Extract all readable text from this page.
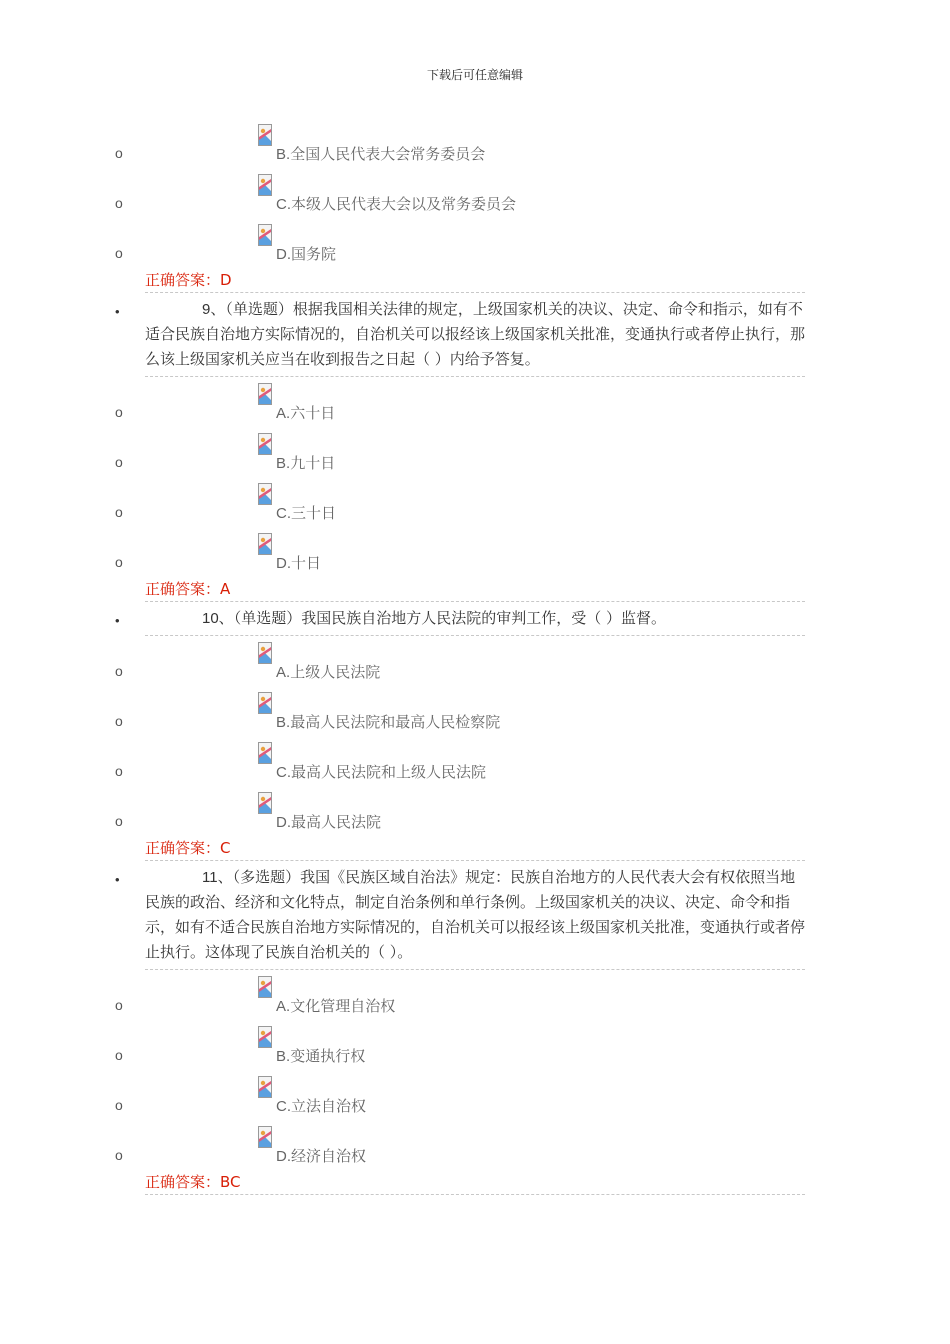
下载后可任意编辑
o	B.全国人民代表大会常务委员会
o	C.本级人民代表大会以及常务委员会
o	D.国务院
正确答案：D
•	9、（单选题）根据我国相关法律的规定，上级国家机关的决议、决定、命令和指示，如有不适合民族自治地方实际情况的，自治机关可以报经该上级国家机关批准，变通执行或者停止执行，那么该上级国家机关应当在收到报告之日起（ ）内给予答复。
o	A.六十日
o	B.九十日
o	C.三十日
o	D.十日
正确答案：A
•	10、（单选题）我国民族自治地方人民法院的审判工作，受（ ）监督。
o	A.上级人民法院
o	B.最高人民法院和最高人民检察院
o	C.最高人民法院和上级人民法院
o	D.最高人民法院
正确答案：C
•	11、（多选题）我国《民族区域自治法》规定：民族自治地方的人民代表大会有权依照当地民族的政治、经济和文化特点，制定自治条例和单行条例。上级国家机关的决议、决定、命令和指示，如有不适合民族自治地方实际情况的，自治机关可以报经该上级国家机关批准，变通执行或者停止执行。这体现了民族自治机关的（ ）。
o	A.文化管理自治权
o	B.变通执行权
o	C.立法自治权
o	D.经济自治权
正确答案：BC
